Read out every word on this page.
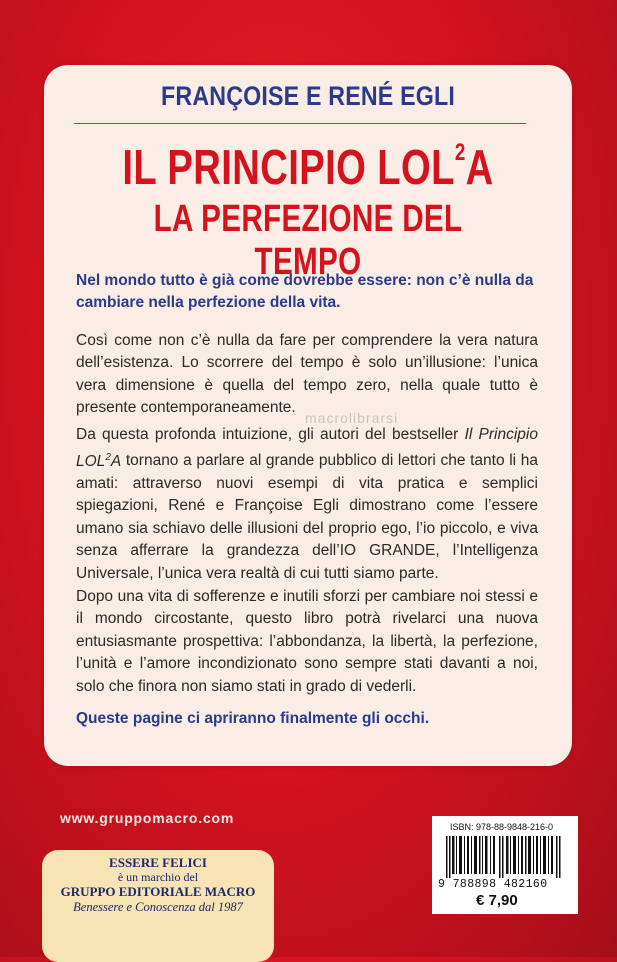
FRANÇOISE E RENÉ EGLI
IL PRINCIPIO LOL$^2$A
LA PERFEZIONE DEL TEMPO
Nel mondo tutto è già come dovrebbe essere: non c’è nulla da cambiare nella perfezione della vita.
Così come non c’è nulla da fare per comprendere la vera natura dell’esistenza. Lo scorrere del tempo è solo un’illusione: l’unica vera dimensione è quella del tempo zero, nella quale tutto è presente contemporaneamente.
Da questa profonda intuizione, gli autori del bestseller Il Principio LOL$^2$A tornano a parlare al grande pubblico di lettori che tanto li ha amati: attraverso nuovi esempi di vita pratica e semplici spiegazioni, René e Françoise Egli dimostrano come l’essere umano sia schiavo delle illusioni del proprio ego, l’io piccolo, e viva senza afferrare la grandezza dell’IO GRANDE, l’Intelligenza Universale, l’unica vera realtà di cui tutti siamo parte.
Dopo una vita di sofferenze e inutili sforzi per cambiare noi stessi e il mondo circostante, questo libro potrà rivelarci una nuova entusiasmante prospettiva: l’abbondanza, la libertà, la perfezione, l’unità e l’amore incondizionato sono sempre stati davanti a noi, solo che finora non siamo stati in grado di vederli.
Queste pagine ci apriranno finalmente gli occhi.
macrolibrarsi
www.gruppomacro.com
ESSERE FELICI
è un marchio del
GRUPPO EDITORIALE MACRO
Benessere e Conoscenza dal 1987
ISBN: 978-88-9848-216-0
9 788898 482160
€ 7,90
